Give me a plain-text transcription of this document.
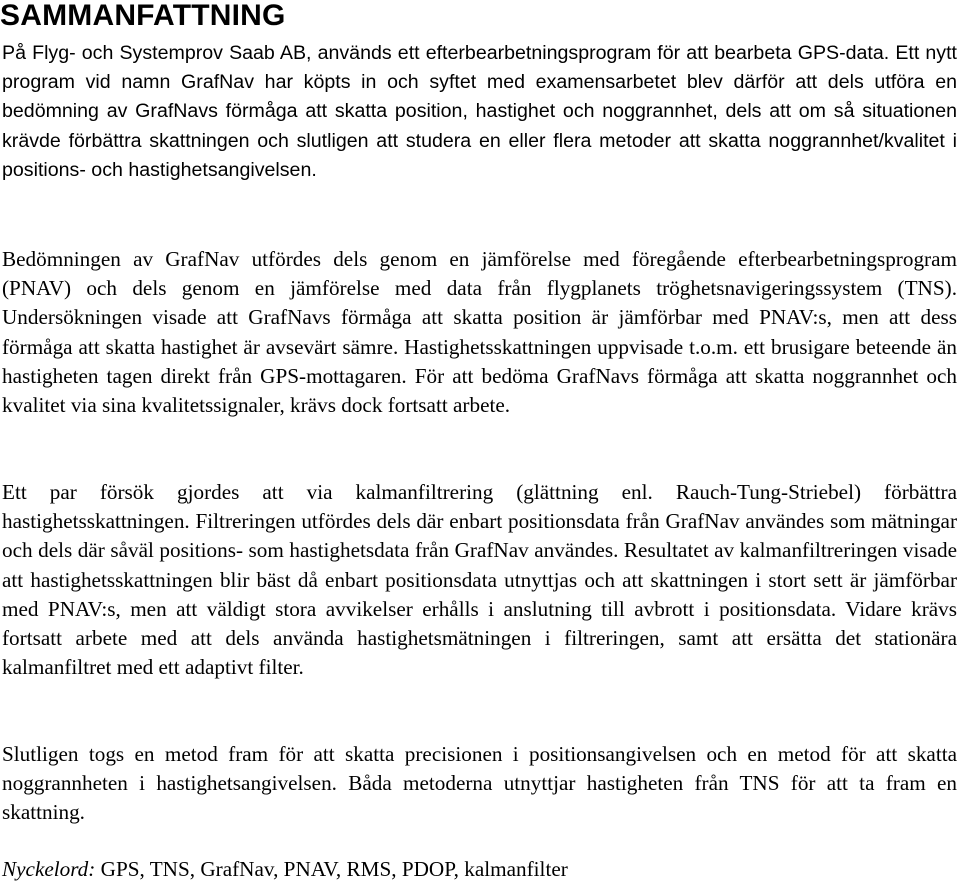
SAMMANFATTNING

På Flyg- och Systemprov Saab AB, används ett efterbearbetningsprogram för att bearbeta GPS-data. Ett nytt program vid namn GrafNav har köpts in och syftet med examensarbetet blev därför att dels utföra en bedömning av GrafNavs förmåga att skatta position, hastighet och noggrannhet, dels att om så situationen krävde förbättra skattningen och slutligen att studera en eller flera metoder att skatta noggrannhet/kvalitet i positions- och hastighetsangivelsen.

Bedömningen av GrafNav utfördes dels genom en jämförelse med föregående efterbearbetningsprogram (PNAV) och dels genom en jämförelse med data från flygplanets tröghetsnavigeringssystem (TNS). Undersökningen visade att GrafNavs förmåga att skatta position är jämförbar med PNAV:s, men att dess förmåga att skatta hastighet är avsevärt sämre. Hastighetsskattningen uppvisade t.o.m. ett brusigare beteende än hastigheten tagen direkt från GPS-mottagaren. För att bedöma GrafNavs förmåga att skatta noggrannhet och kvalitet via sina kvalitetssignaler, krävs dock fortsatt arbete.

Ett par försök gjordes att via kalmanfiltrering (glättning enl. Rauch-Tung-Striebel) förbättra hastighetsskattningen. Filtreringen utfördes dels där enbart positionsdata från GrafNav användes som mätningar och dels där såväl positions- som hastighetsdata från GrafNav användes. Resultatet av kalmanfiltreringen visade att hastighetsskattningen blir bäst då enbart positionsdata utnyttjas och att skattningen i stort sett är jämförbar med PNAV:s, men att väldigt stora avvikelser erhålls i anslutning till avbrott i positionsdata. Vidare krävs fortsatt arbete med att dels använda hastighetsmätningen i filtreringen, samt att ersätta det stationära kalmanfiltret med ett adaptivt filter.

Slutligen togs en metod fram för att skatta precisionen i positionsangivelsen och en metod för att skatta noggrannheten i hastighetsangivelsen. Båda metoderna utnyttjar hastigheten från TNS för att ta fram en skattning.

Nyckelord: GPS, TNS, GrafNav, PNAV, RMS, PDOP, kalmanfilter
